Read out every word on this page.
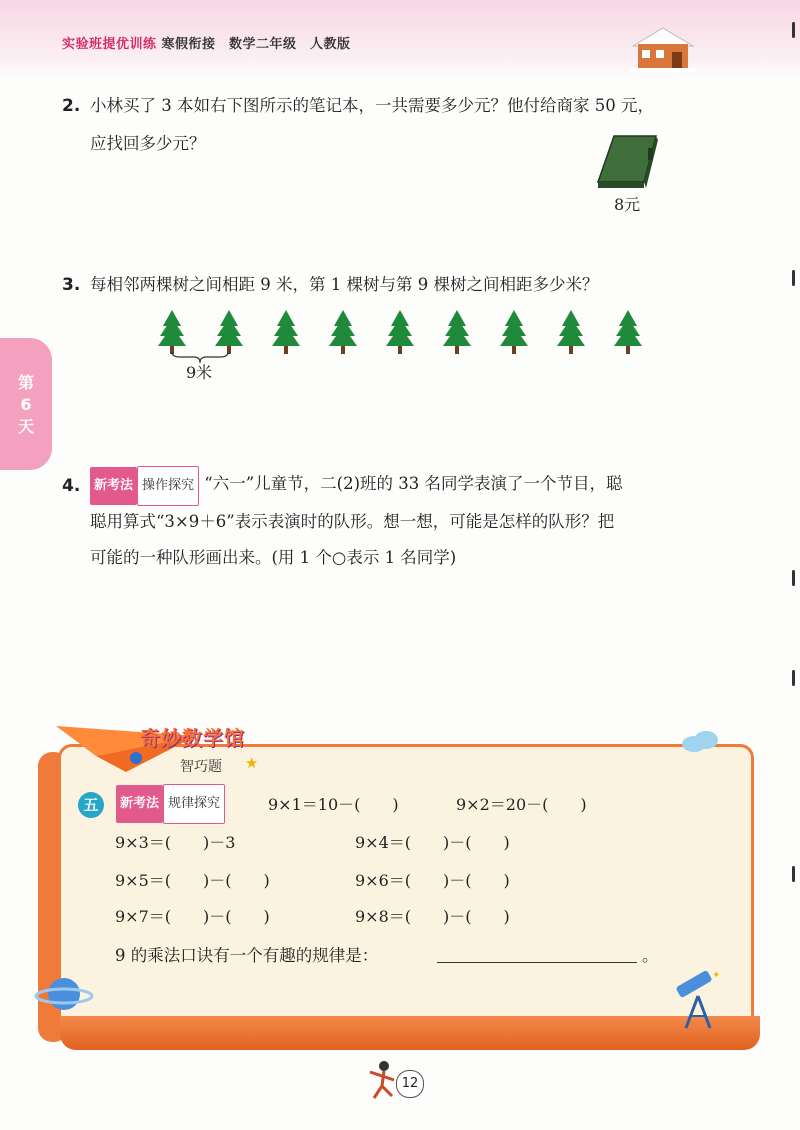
实验班提优训练 寒假衔接　数学二年级　人教版
2. 小林买了 3 本如右下图所示的笔记本，一共需要多少元？他付给商家 50 元，
应找回多少元？
8元
3. 每相邻两棵树之间相距 9 米，第 1 棵树与第 9 棵树之间相距多少米？
9米
第
6
天
4.	新考法 操作探究 “六一”儿童节，二(2)班的 33 名同学表演了一个节目，聪
聪用算式“3×9＋6”表示表演时的队形。想一想，可能是怎样的队形？把
可能的一种队形画出来。(用 1 个○表示 1 名同学)
奇妙数学馆
智巧题 ★
五	新考法 规律探究	9×1＝10－(　　)	9×2＝20－(　　)
9×3＝(　　)－3	9×4＝(　　)－(　　)
9×5＝(　　)－(　　)	9×6＝(　　)－(　　)
9×7＝(　　)－(　　)	9×8＝(　　)－(　　)
9 的乘法口诀有一个有趣的规律是：	。
✦
12
